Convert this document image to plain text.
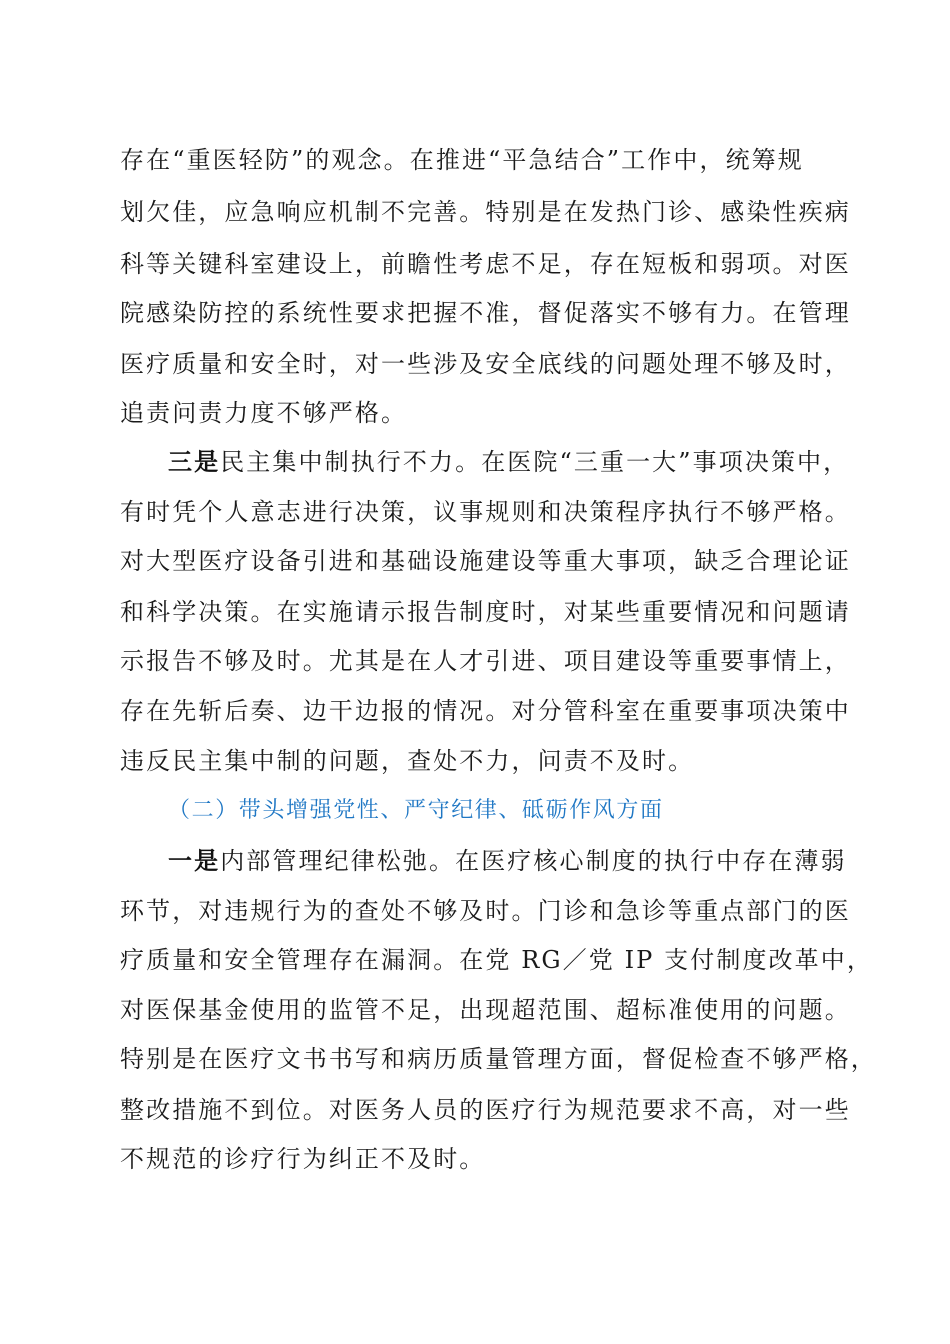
存在“重医轻防”的观念。在推进“平急结合”工作中，统筹规
划欠佳，应急响应机制不完善。特别是在发热门诊、感染性疾病
科等关键科室建设上，前瞻性考虑不足，存在短板和弱项。对医
院感染防控的系统性要求把握不准，督促落实不够有力。在管理
医疗质量和安全时，对一些涉及安全底线的问题处理不够及时，
追责问责力度不够严格。
三是民主集中制执行不力。在医院“三重一大”事项决策中，
有时凭个人意志进行决策，议事规则和决策程序执行不够严格。
对大型医疗设备引进和基础设施建设等重大事项，缺乏合理论证
和科学决策。在实施请示报告制度时，对某些重要情况和问题请
示报告不够及时。尤其是在人才引进、项目建设等重要事情上，
存在先斩后奏、边干边报的情况。对分管科室在重要事项决策中
违反民主集中制的问题，查处不力，问责不及时。
（二）带头增强党性、严守纪律、砥砺作风方面
一是内部管理纪律松弛。在医疗核心制度的执行中存在薄弱
环节，对违规行为的查处不够及时。门诊和急诊等重点部门的医
疗质量和安全管理存在漏洞。在党 RG／党 IP 支付制度改革中，
对医保基金使用的监管不足，出现超范围、超标准使用的问题。
特别是在医疗文书书写和病历质量管理方面，督促检查不够严格，
整改措施不到位。对医务人员的医疗行为规范要求不高，对一些
不规范的诊疗行为纠正不及时。
